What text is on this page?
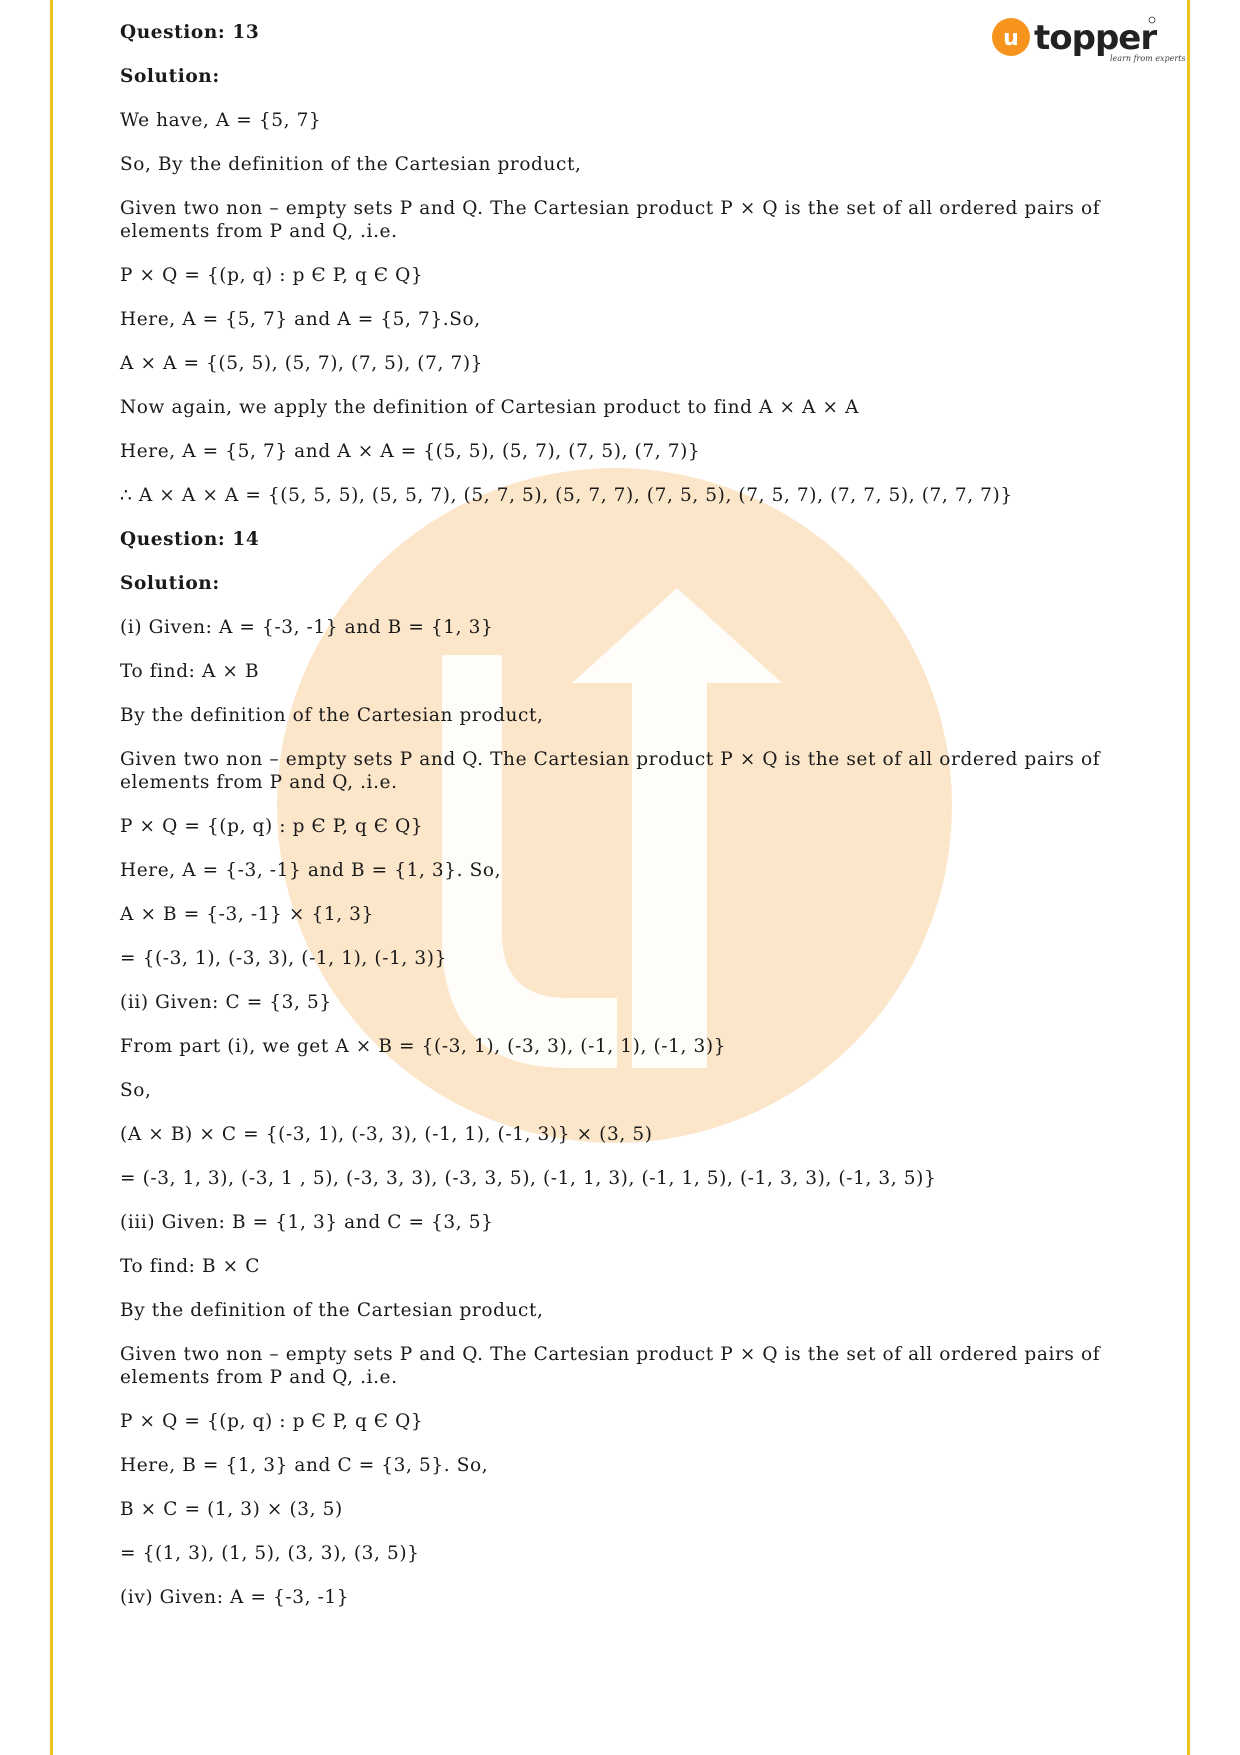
u topper
learn from experts
Question: 13
Solution:
We have, A = {5, 7}
So, By the definition of the Cartesian product,
Given two non – empty sets P and Q. The Cartesian product P × Q is the set of all ordered pairs of elements from P and Q, .i.e.
P × Q = {(p, q) : p Є P, q Є Q}
Here, A = {5, 7} and A = {5, 7}.So,
A × A = {(5, 5), (5, 7), (7, 5), (7, 7)}
Now again, we apply the definition of Cartesian product to find A × A × A
Here, A = {5, 7} and A × A = {(5, 5), (5, 7), (7, 5), (7, 7)}
∴ A × A × A = {(5, 5, 5), (5, 5, 7), (5, 7, 5), (5, 7, 7), (7, 5, 5), (7, 5, 7), (7, 7, 5), (7, 7, 7)}
Question: 14
Solution:
(i) Given: A = {-3, -1} and B = {1, 3}
To find: A × B
By the definition of the Cartesian product,
Given two non – empty sets P and Q. The Cartesian product P × Q is the set of all ordered pairs of elements from P and Q, .i.e.
P × Q = {(p, q) : p Є P, q Є Q}
Here, A = {-3, -1} and B = {1, 3}. So,
A × B = {-3, -1} × {1, 3}
= {(-3, 1), (-3, 3), (-1, 1), (-1, 3)}
(ii) Given: C = {3, 5}
From part (i), we get A × B = {(-3, 1), (-3, 3), (-1, 1), (-1, 3)}
So,
(A × B) × C = {(-3, 1), (-3, 3), (-1, 1), (-1, 3)} × (3, 5)
= (-3, 1, 3), (-3, 1 , 5), (-3, 3, 3), (-3, 3, 5), (-1, 1, 3), (-1, 1, 5), (-1, 3, 3), (-1, 3, 5)}
(iii) Given: B = {1, 3} and C = {3, 5}
To find: B × C
By the definition of the Cartesian product,
Given two non – empty sets P and Q. The Cartesian product P × Q is the set of all ordered pairs of elements from P and Q, .i.e.
P × Q = {(p, q) : p Є P, q Є Q}
Here, B = {1, 3} and C = {3, 5}. So,
B × C = (1, 3) × (3, 5)
= {(1, 3), (1, 5), (3, 3), (3, 5)}
(iv) Given: A = {-3, -1}
